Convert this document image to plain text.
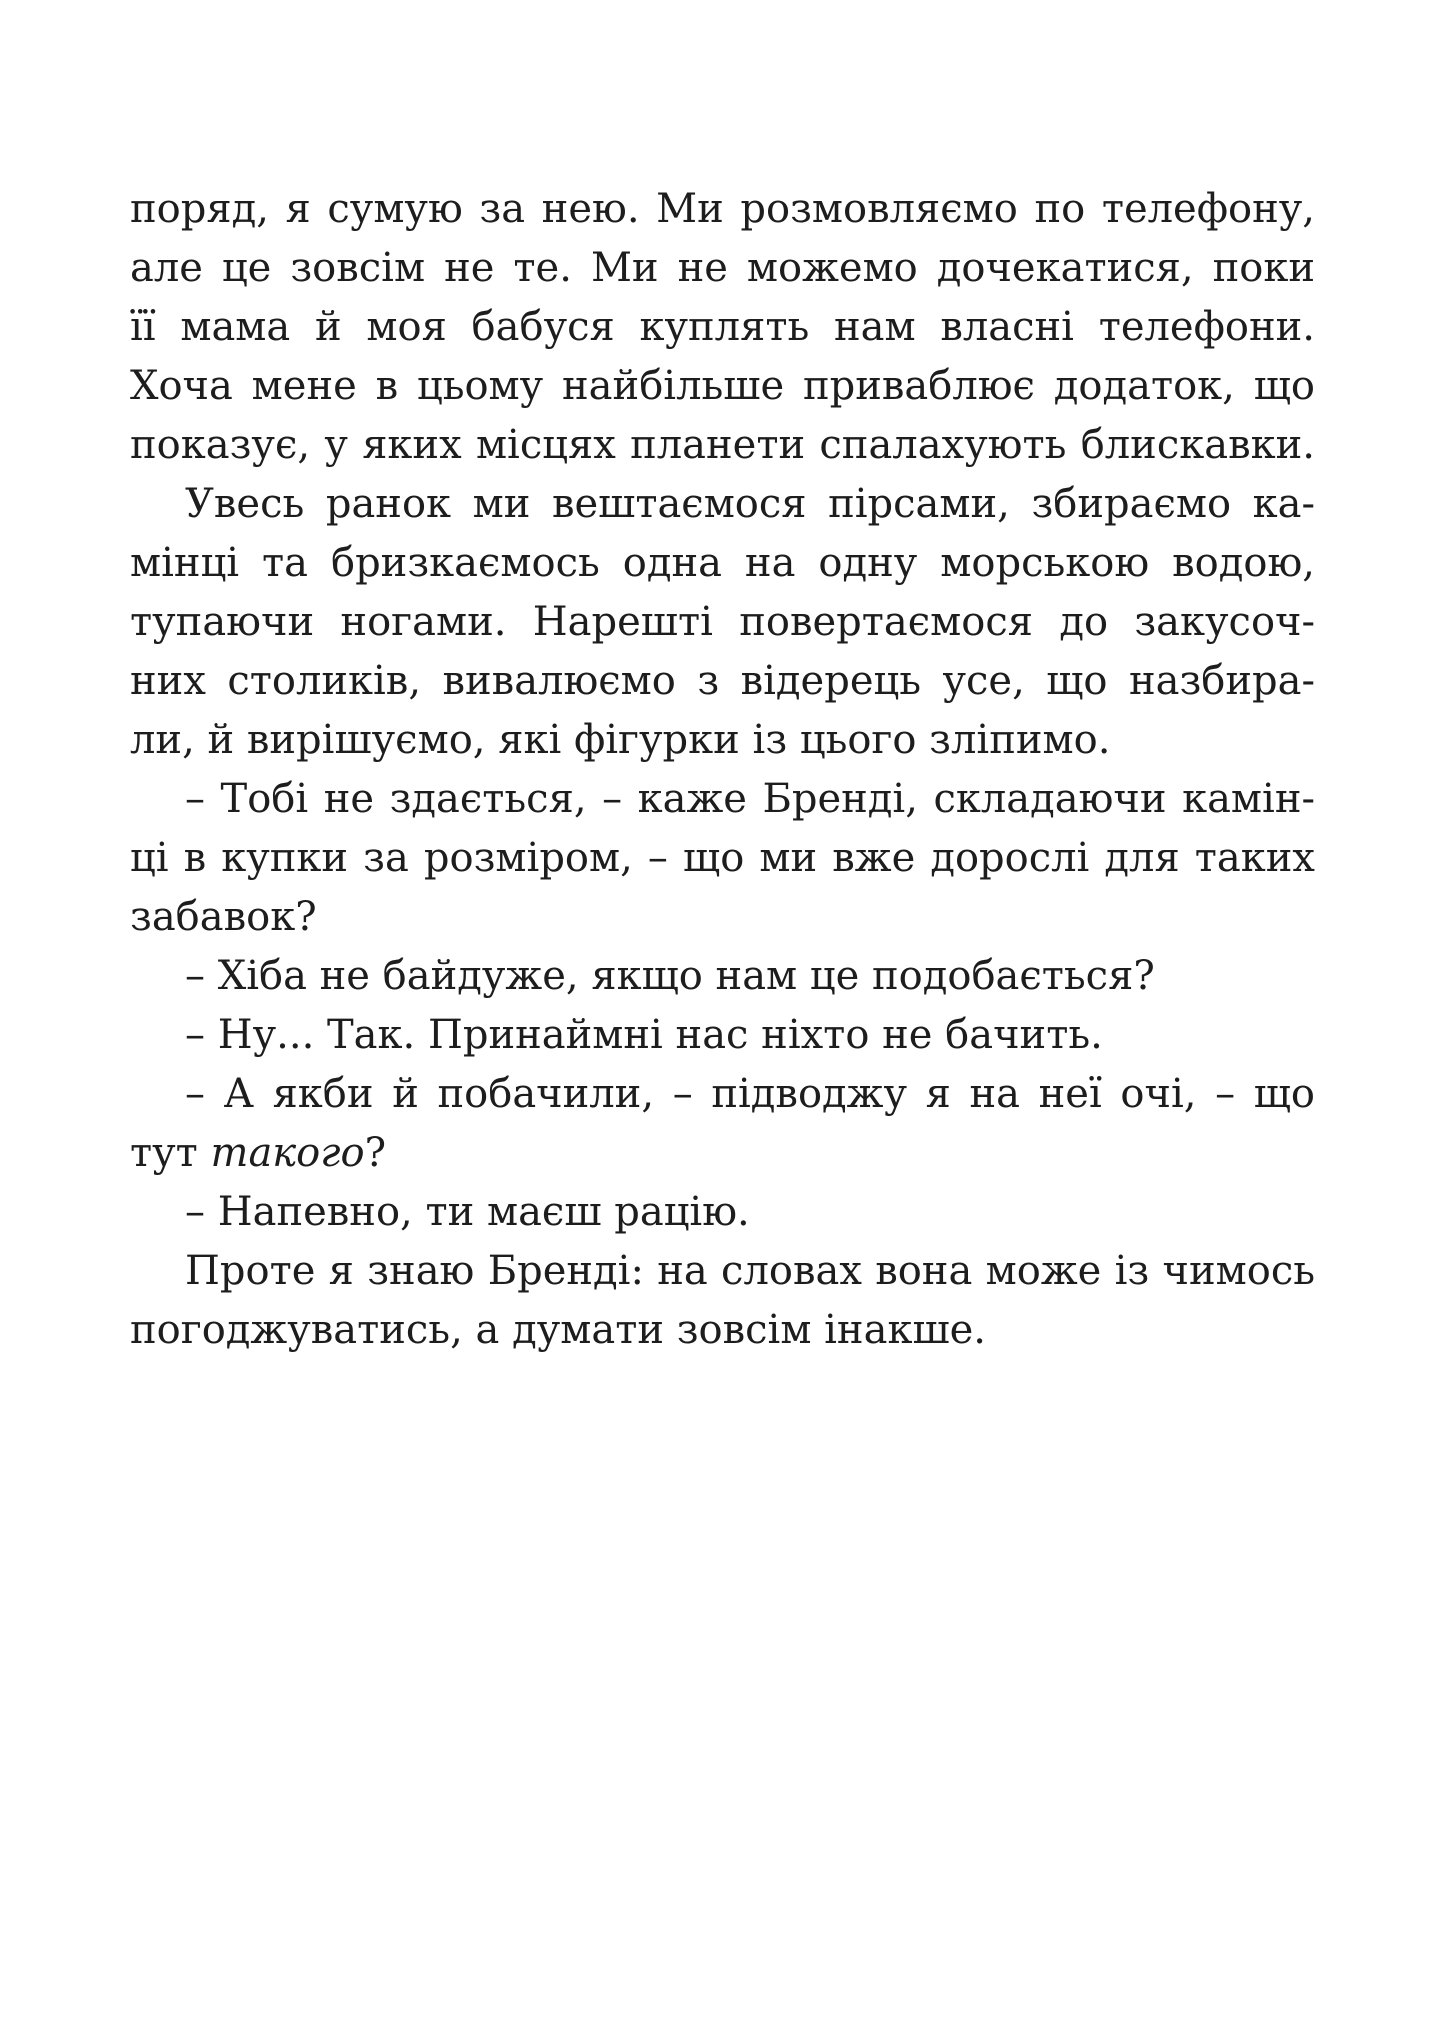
поряд, я сумую за нею. Ми розмовляємо по телефону,
але це зовсім не те. Ми не можемо дочекатися, поки
її мама й моя бабуся куплять нам власні телефони.
Хоча мене в цьому найбільше приваблює додаток, що
показує, у яких місцях планети спалахують блискавки.
Увесь ранок ми вештаємося пірсами, збираємо ка-
мінці та бризкаємось одна на одну морською водою,
тупаючи ногами. Нарешті повертаємося до закусоч-
них столиків, вивалюємо з відерець усе, що назбира-
ли, й вирішуємо, які фігурки із цього зліпимо.
– Тобі не здається, – каже Бренді, складаючи камін-
ці в купки за розміром, – що ми вже дорослі для таких
забавок?
– Хіба не байдуже, якщо нам це подобається?
– Ну... Так. Принаймні нас ніхто не бачить.
– А якби й побачили, – підводжу я на неї очі, – що
тут такого?
– Напевно, ти маєш рацію.
Проте я знаю Бренді: на словах вона може із чимось
погоджуватись, а думати зовсім інакше.
